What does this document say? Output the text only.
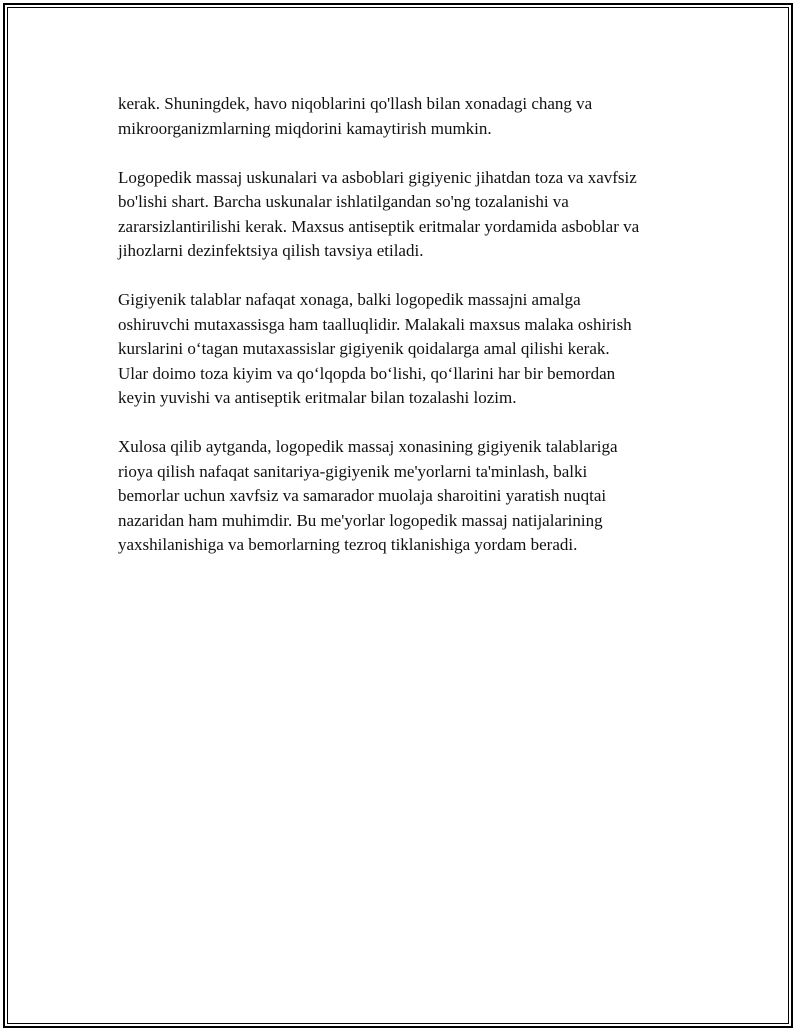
kerak. Shuningdek, havo niqoblarini qo'llash bilan xonadagi chang va
mikroorganizmlarning miqdorini kamaytirish mumkin.

Logopedik massaj uskunalari va asboblari gigiyenic jihatdan toza va xavfsiz
bo'lishi shart. Barcha uskunalar ishlatilgandan so'ng tozalanishi va
zararsizlantirilishi kerak. Maxsus antiseptik eritmalar yordamida asboblar va
jihozlarni dezinfektsiya qilish tavsiya etiladi.

Gigiyenik talablar nafaqat xonaga, balki logopedik massajni amalga
oshiruvchi mutaxassisga ham taalluqlidir. Malakali maxsus malaka oshirish
kurslarini o‘tagan mutaxassislar gigiyenik qoidalarga amal qilishi kerak.
Ular doimo toza kiyim va qo‘lqopda bo‘lishi, qo‘llarini har bir bemordan
keyin yuvishi va antiseptik eritmalar bilan tozalashi lozim.

Xulosa qilib aytganda, logopedik massaj xonasining gigiyenik talablariga
rioya qilish nafaqat sanitariya-gigiyenik me'yorlarni ta'minlash, balki
bemorlar uchun xavfsiz va samarador muolaja sharoitini yaratish nuqtai
nazaridan ham muhimdir. Bu me'yorlar logopedik massaj natijalarining
yaxshilanishiga va bemorlarning tezroq tiklanishiga yordam beradi.
